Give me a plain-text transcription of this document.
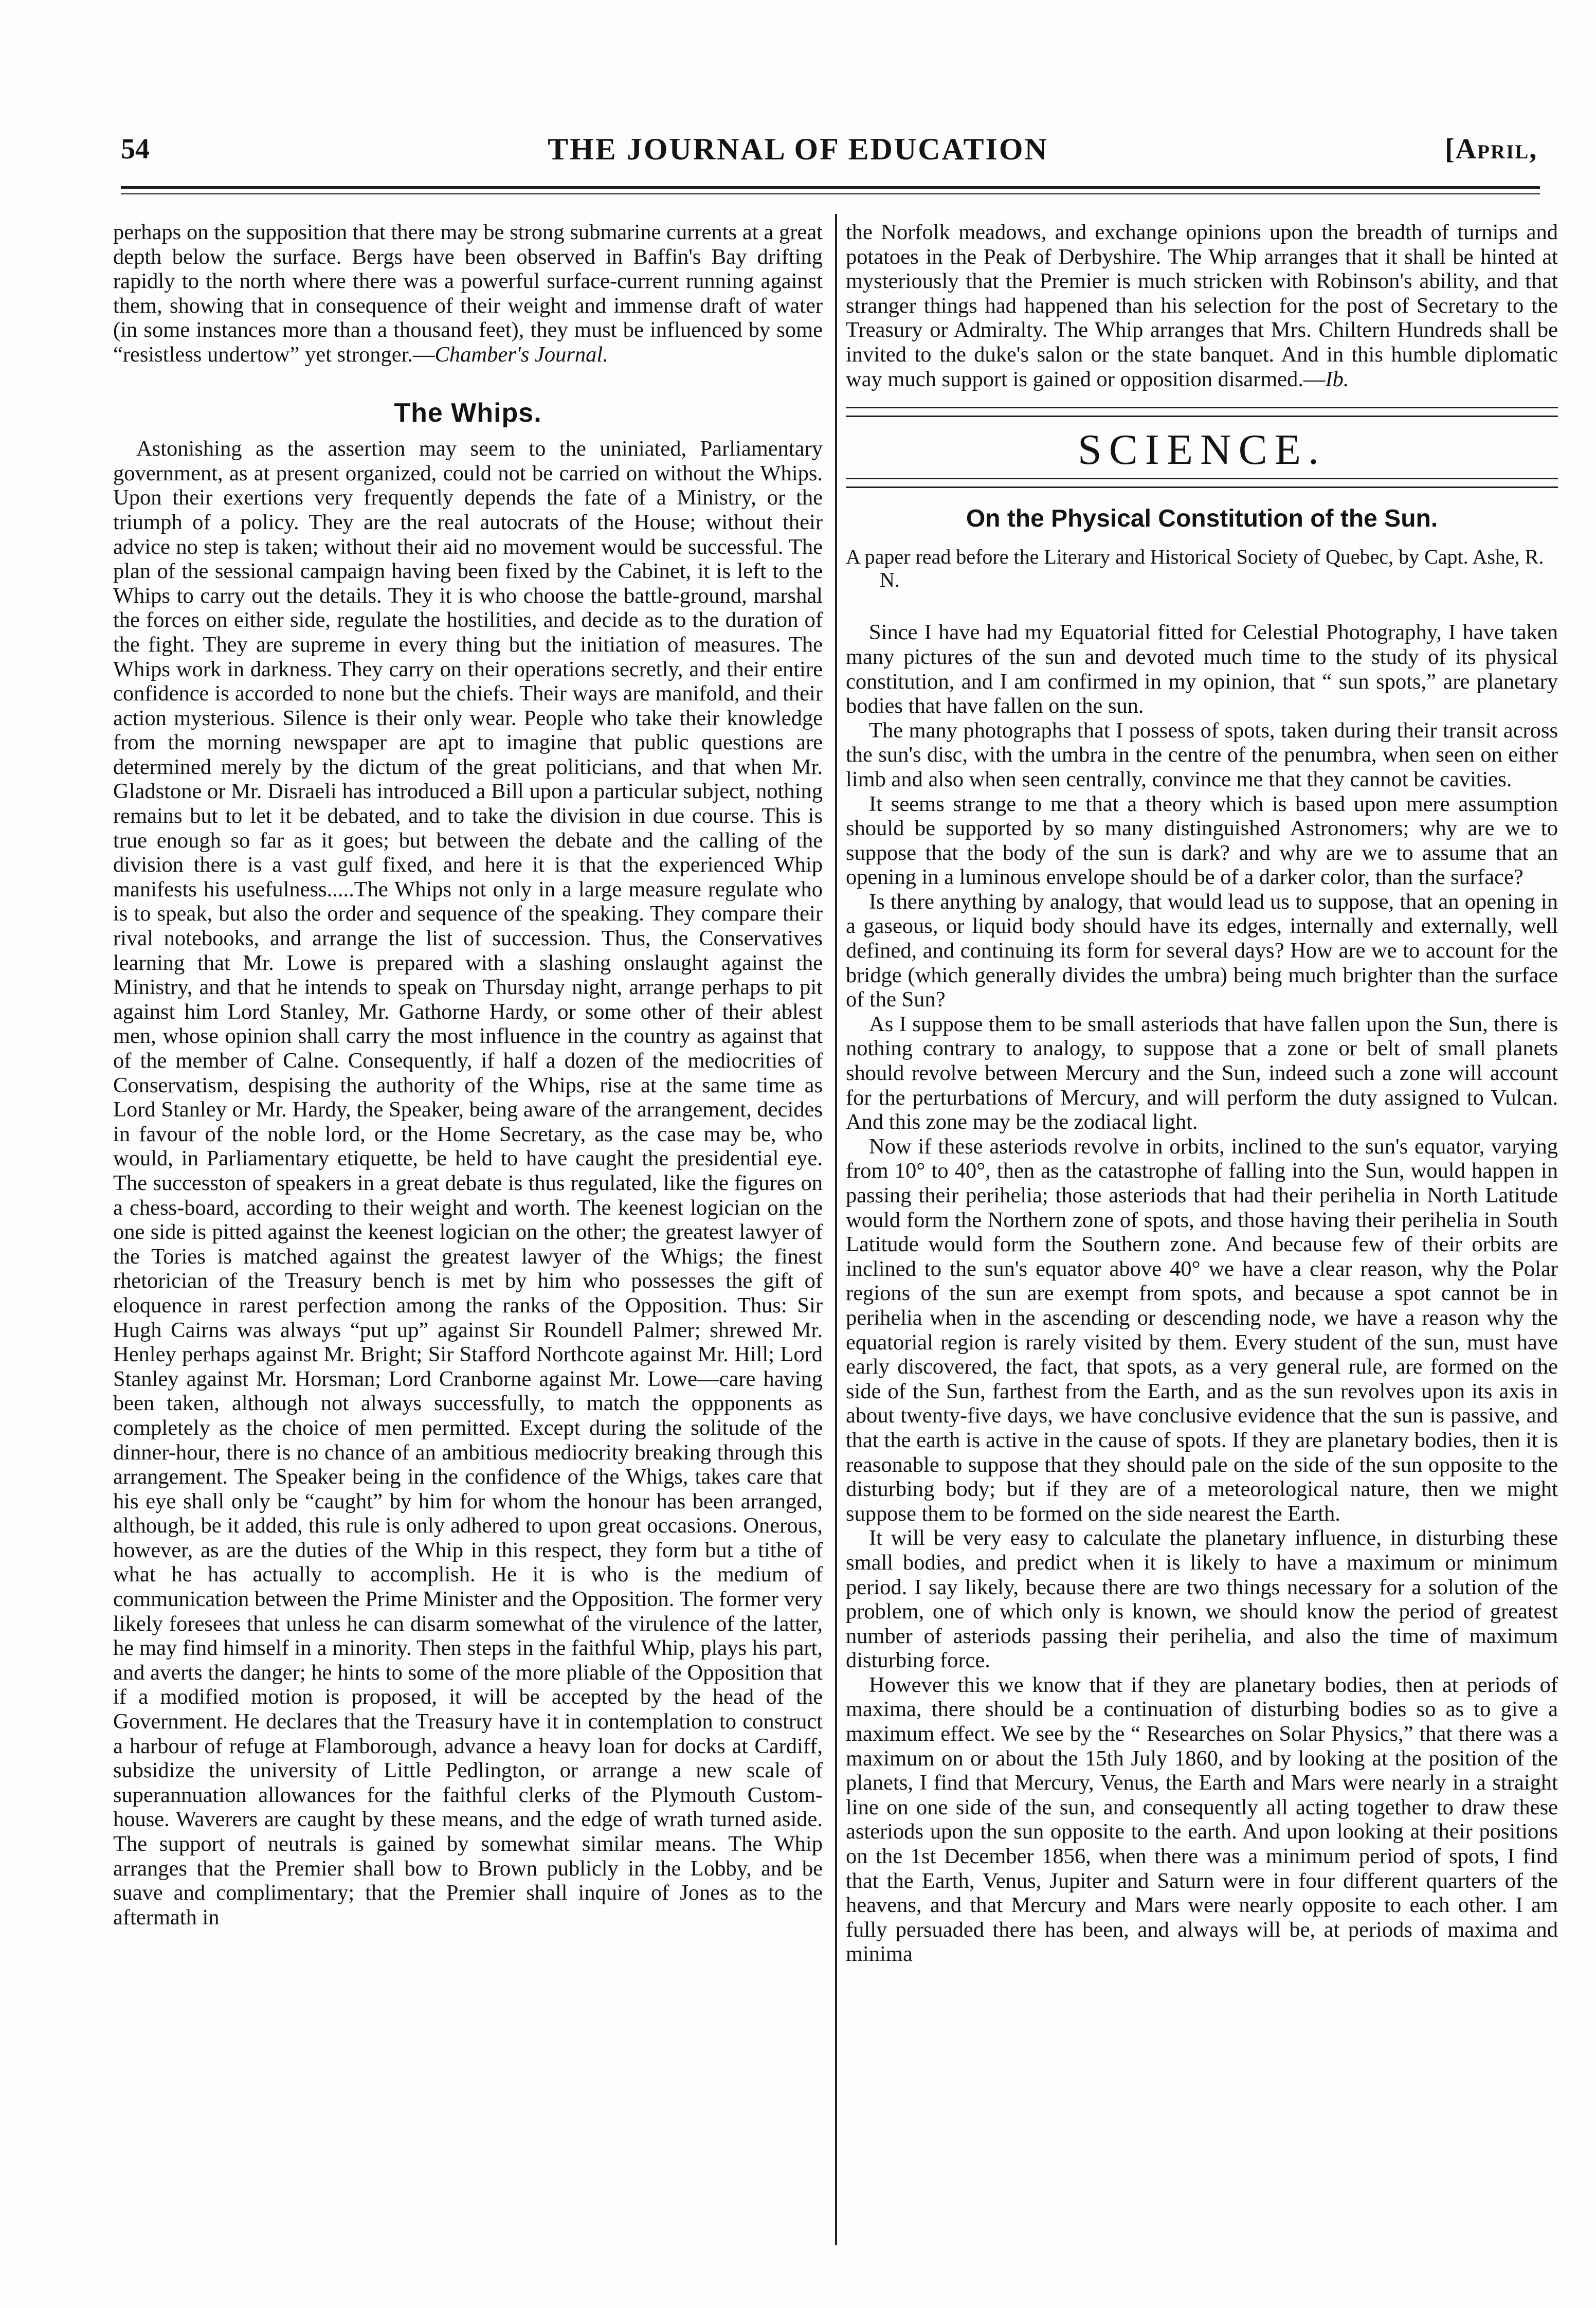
54	THE JOURNAL OF EDUCATION	[April,

perhaps on the supposition that there may be strong submarine currents at a great depth below the surface. Bergs have been observed in Baffin's Bay drifting rapidly to the north where there was a powerful surface-current running against them, showing that in consequence of their weight and immense draft of water (in some instances more than a thousand feet), they must be influenced by some “resistless undertow” yet stronger.—Chamber's Journal.

The Whips.

Astonishing as the assertion may seem to the uniniated, Parliamentary government, as at present organized, could not be carried on without the Whips. Upon their exertions very frequently depends the fate of a Ministry, or the triumph of a policy. They are the real autocrats of the House; without their advice no step is taken; without their aid no movement would be successful. The plan of the sessional campaign having been fixed by the Cabinet, it is left to the Whips to carry out the details. They it is who choose the battle-ground, marshal the forces on either side, regulate the hostilities, and decide as to the duration of the fight. They are supreme in every thing but the initiation of measures. The Whips work in darkness. They carry on their operations secretly, and their entire confidence is accorded to none but the chiefs. Their ways are manifold, and their action mysterious. Silence is their only wear. People who take their knowledge from the morning newspaper are apt to imagine that public questions are determined merely by the dictum of the great politicians, and that when Mr. Gladstone or Mr. Disraeli has introduced a Bill upon a particular subject, nothing remains but to let it be debated, and to take the division in due course. This is true enough so far as it goes; but between the debate and the calling of the division there is a vast gulf fixed, and here it is that the experienced Whip manifests his usefulness.....The Whips not only in a large measure regulate who is to speak, but also the order and sequence of the speaking. They compare their rival notebooks, and arrange the list of succession. Thus, the Conservatives learning that Mr. Lowe is prepared with a slashing onslaught against the Ministry, and that he intends to speak on Thursday night, arrange perhaps to pit against him Lord Stanley, Mr. Gathorne Hardy, or some other of their ablest men, whose opinion shall carry the most influence in the country as against that of the member of Calne. Consequently, if half a dozen of the mediocrities of Conservatism, despising the authority of the Whips, rise at the same time as Lord Stanley or Mr. Hardy, the Speaker, being aware of the arrangement, decides in favour of the noble lord, or the Home Secretary, as the case may be, who would, in Parliamentary etiquette, be held to have caught the presidential eye. The successton of speakers in a great debate is thus regulated, like the figures on a chess-board, according to their weight and worth. The keenest logician on the one side is pitted against the keenest logician on the other; the greatest lawyer of the Tories is matched against the greatest lawyer of the Whigs; the finest rhetorician of the Treasury bench is met by him who possesses the gift of eloquence in rarest perfection among the ranks of the Opposition. Thus: Sir Hugh Cairns was always “put up” against Sir Roundell Palmer; shrewed Mr. Henley perhaps against Mr. Bright; Sir Stafford Northcote against Mr. Hill; Lord Stanley against Mr. Horsman; Lord Cranborne against Mr. Lowe—care having been taken, although not always successfully, to match the oppponents as completely as the choice of men permitted. Except during the solitude of the dinner-hour, there is no chance of an ambitious mediocrity breaking through this arrangement. The Speaker being in the confidence of the Whigs, takes care that his eye shall only be “caught” by him for whom the honour has been arranged, although, be it added, this rule is only adhered to upon great occasions. Onerous, however, as are the duties of the Whip in this respect, they form but a tithe of what he has actually to accomplish. He it is who is the medium of communication between the Prime Minister and the Opposition. The former very likely foresees that unless he can disarm somewhat of the virulence of the latter, he may find himself in a minority. Then steps in the faithful Whip, plays his part, and averts the danger; he hints to some of the more pliable of the Opposition that if a modified motion is proposed, it will be accepted by the head of the Government. He declares that the Treasury have it in contemplation to construct a harbour of refuge at Flamborough, advance a heavy loan for docks at Cardiff, subsidize the university of Little Pedlington, or arrange a new scale of superannuation allowances for the faithful clerks of the Plymouth Custom-house. Waverers are caught by these means, and the edge of wrath turned aside. The support of neutrals is gained by somewhat similar means. The Whip arranges that the Premier shall bow to Brown publicly in the Lobby, and be suave and complimentary; that the Premier shall inquire of Jones as to the aftermath in

the Norfolk meadows, and exchange opinions upon the breadth of turnips and potatoes in the Peak of Derbyshire. The Whip arranges that it shall be hinted at mysteriously that the Premier is much stricken with Robinson's ability, and that stranger things had happened than his selection for the post of Secretary to the Treasury or Admiralty. The Whip arranges that Mrs. Chiltern Hundreds shall be invited to the duke's salon or the state banquet. And in this humble diplomatic way much support is gained or opposition disarmed.—Ib.

SCIENCE.
On the Physical Constitution of the Sun.
A paper read before the Literary and Historical Society of Quebec, by Capt. Ashe, R. N.

Since I have had my Equatorial fitted for Celestial Photography, I have taken many pictures of the sun and devoted much time to the study of its physical constitution, and I am confirmed in my opinion, that “ sun spots,” are planetary bodies that have fallen on the sun.

The many photographs that I possess of spots, taken during their transit across the sun's disc, with the umbra in the centre of the penumbra, when seen on either limb and also when seen centrally, convince me that they cannot be cavities.

It seems strange to me that a theory which is based upon mere assumption should be supported by so many distinguished Astronomers; why are we to suppose that the body of the sun is dark? and why are we to assume that an opening in a luminous envelope should be of a darker color, than the surface?

Is there anything by analogy, that would lead us to suppose, that an opening in a gaseous, or liquid body should have its edges, internally and externally, well defined, and continuing its form for several days? How are we to account for the bridge (which generally divides the umbra) being much brighter than the surface of the Sun?

As I suppose them to be small asteriods that have fallen upon the Sun, there is nothing contrary to analogy, to suppose that a zone or belt of small planets should revolve between Mercury and the Sun, indeed such a zone will account for the perturbations of Mercury, and will perform the duty assigned to Vulcan. And this zone may be the zodiacal light.

Now if these asteriods revolve in orbits, inclined to the sun's equator, varying from 10° to 40°, then as the catastrophe of falling into the Sun, would happen in passing their perihelia; those asteriods that had their perihelia in North Latitude would form the Northern zone of spots, and those having their perihelia in South Latitude would form the Southern zone. And because few of their orbits are inclined to the sun's equator above 40° we have a clear reason, why the Polar regions of the sun are exempt from spots, and because a spot cannot be in perihelia when in the ascending or descending node, we have a reason why the equatorial region is rarely visited by them. Every student of the sun, must have early discovered, the fact, that spots, as a very general rule, are formed on the side of the Sun, farthest from the Earth, and as the sun revolves upon its axis in about twenty-five days, we have conclusive evidence that the sun is passive, and that the earth is active in the cause of spots. If they are planetary bodies, then it is reasonable to suppose that they should pale on the side of the sun opposite to the disturbing body; but if they are of a meteorological nature, then we might suppose them to be formed on the side nearest the Earth.

It will be very easy to calculate the planetary influence, in disturbing these small bodies, and predict when it is likely to have a maximum or minimum period. I say likely, because there are two things necessary for a solution of the problem, one of which only is known, we should know the period of greatest number of asteriods passing their perihelia, and also the time of maximum disturbing force.

However this we know that if they are planetary bodies, then at periods of maxima, there should be a continuation of disturbing bodies so as to give a maximum effect. We see by the “ Researches on Solar Physics,” that there was a maximum on or about the 15th July 1860, and by looking at the position of the planets, I find that Mercury, Venus, the Earth and Mars were nearly in a straight line on one side of the sun, and consequently all acting together to draw these asteriods upon the sun opposite to the earth. And upon looking at their positions on the 1st December 1856, when there was a minimum period of spots, I find that the Earth, Venus, Jupiter and Saturn were in four different quarters of the heavens, and that Mercury and Mars were nearly opposite to each other. I am fully persuaded there has been, and always will be, at periods of maxima and minima
